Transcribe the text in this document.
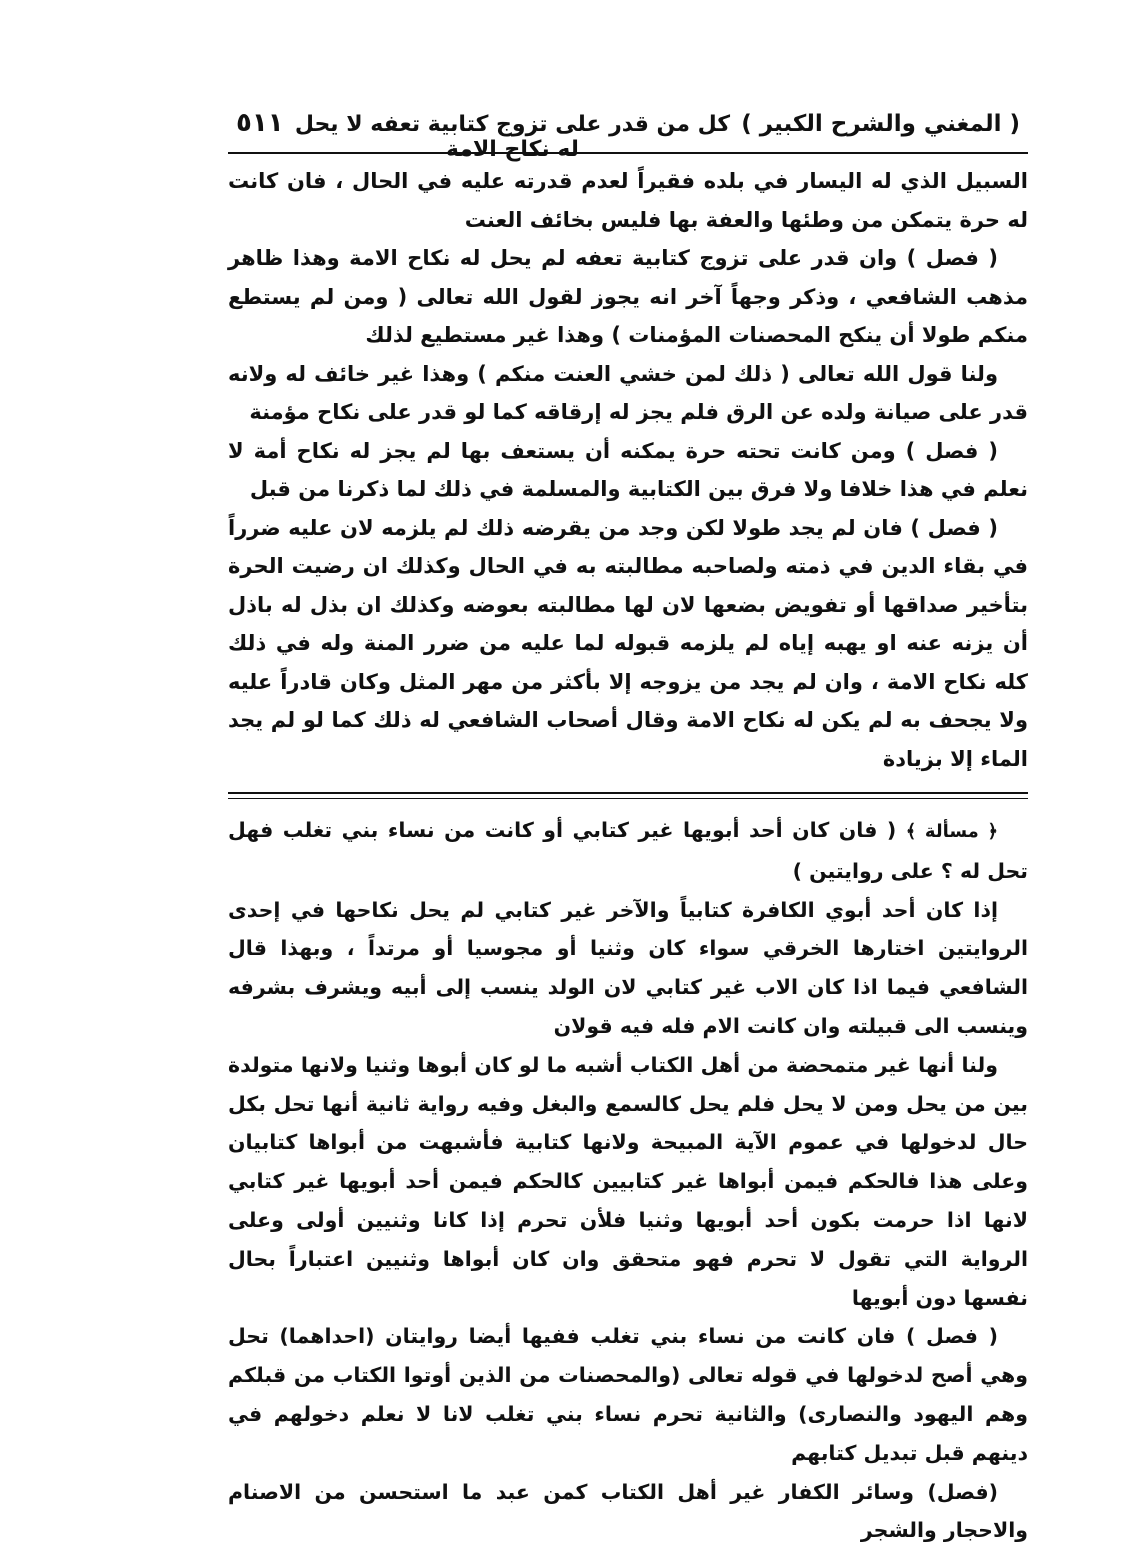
( المغني والشرح الكبير )
كل من قدر على تزوج كتابية تعفه لا يحل له نكاح الامة
٥١١

السبيل الذي له اليسار في بلده فقيراً لعدم قدرته عليه في الحال ، فان كانت له حرة يتمكن من وطئها والعفة بها فليس بخائف العنت

( فصل ) وان قدر على تزوج كتابية تعفه لم يحل له نكاح الامة وهذا ظاهر مذهب الشافعي ، وذكر وجهاً آخر انه يجوز لقول الله تعالى ( ومن لم يستطع منكم طولا أن ينكح المحصنات المؤمنات ) وهذا غير مستطيع لذلك

ولنا قول الله تعالى ( ذلك لمن خشي العنت منكم ) وهذا غير خائف له ولانه قدر على صيانة ولده عن الرق فلم يجز له إرقاقه كما لو قدر على نكاح مؤمنة

( فصل ) ومن كانت تحته حرة يمكنه أن يستعف بها لم يجز له نكاح أمة لا نعلم في هذا خلافا ولا فرق بين الكتابية والمسلمة في ذلك لما ذكرنا من قبل

( فصل ) فان لم يجد طولا لكن وجد من يقرضه ذلك لم يلزمه لان عليه ضرراً في بقاء الدين في ذمته ولصاحبه مطالبته به في الحال وكذلك ان رضيت الحرة بتأخير صداقها أو تفويض بضعها لان لها مطالبته بعوضه وكذلك ان بذل له باذل أن يزنه عنه او يهبه إياه لم يلزمه قبوله لما عليه من ضرر المنة وله في ذلك كله نكاح الامة ، وان لم يجد من يزوجه إلا بأكثر من مهر المثل وكان قادراً عليه ولا يجحف به لم يكن له نكاح الامة وقال أصحاب الشافعي له ذلك كما لو لم يجد الماء إلا بزيادة

﴿ مسألة ﴾ ( فان كان أحد أبويها غير كتابي أو كانت من نساء بني تغلب فهل تحل له ؟ على روايتين )

إذا كان أحد أبوي الكافرة كتابياً والآخر غير كتابي لم يحل نكاحها في إحدى الروايتين اختارها الخرقي سواء كان وثنيا أو مجوسيا أو مرتداً ، وبهذا قال الشافعي فيما اذا كان الاب غير كتابي لان الولد ينسب إلى أبيه ويشرف بشرفه وينسب الى قبيلته وان كانت الام فله فيه قولان

ولنا أنها غير متمحضة من أهل الكتاب أشبه ما لو كان أبوها وثنيا ولانها متولدة بين من يحل ومن لا يحل فلم يحل كالسمع والبغل وفيه رواية ثانية أنها تحل بكل حال لدخولها في عموم الآية المبيحة ولانها كتابية فأشبهت من أبواها كتابيان وعلى هذا فالحكم فيمن أبواها غير كتابيين كالحكم فيمن أحد أبويها غير كتابي لانها اذا حرمت بكون أحد أبويها وثنيا فلأن تحرم إذا كانا وثنيين أولى وعلى الرواية التي تقول لا تحرم فهو متحقق وان كان أبواها وثنيين اعتباراً بحال نفسها دون أبويها

( فصل ) فان كانت من نساء بني تغلب ففيها أيضا روايتان (احداهما) تحل وهي أصح لدخولها في قوله تعالى (والمحصنات من الذين أوتوا الكتاب من قبلكم وهم اليهود والنصارى) والثانية تحرم نساء بني تغلب لانا لا نعلم دخولهم في دينهم قبل تبديل كتابهم

(فصل) وسائر الكفار غير أهل الكتاب كمن عبد ما استحسن من الاصنام والاحجار والشجر
